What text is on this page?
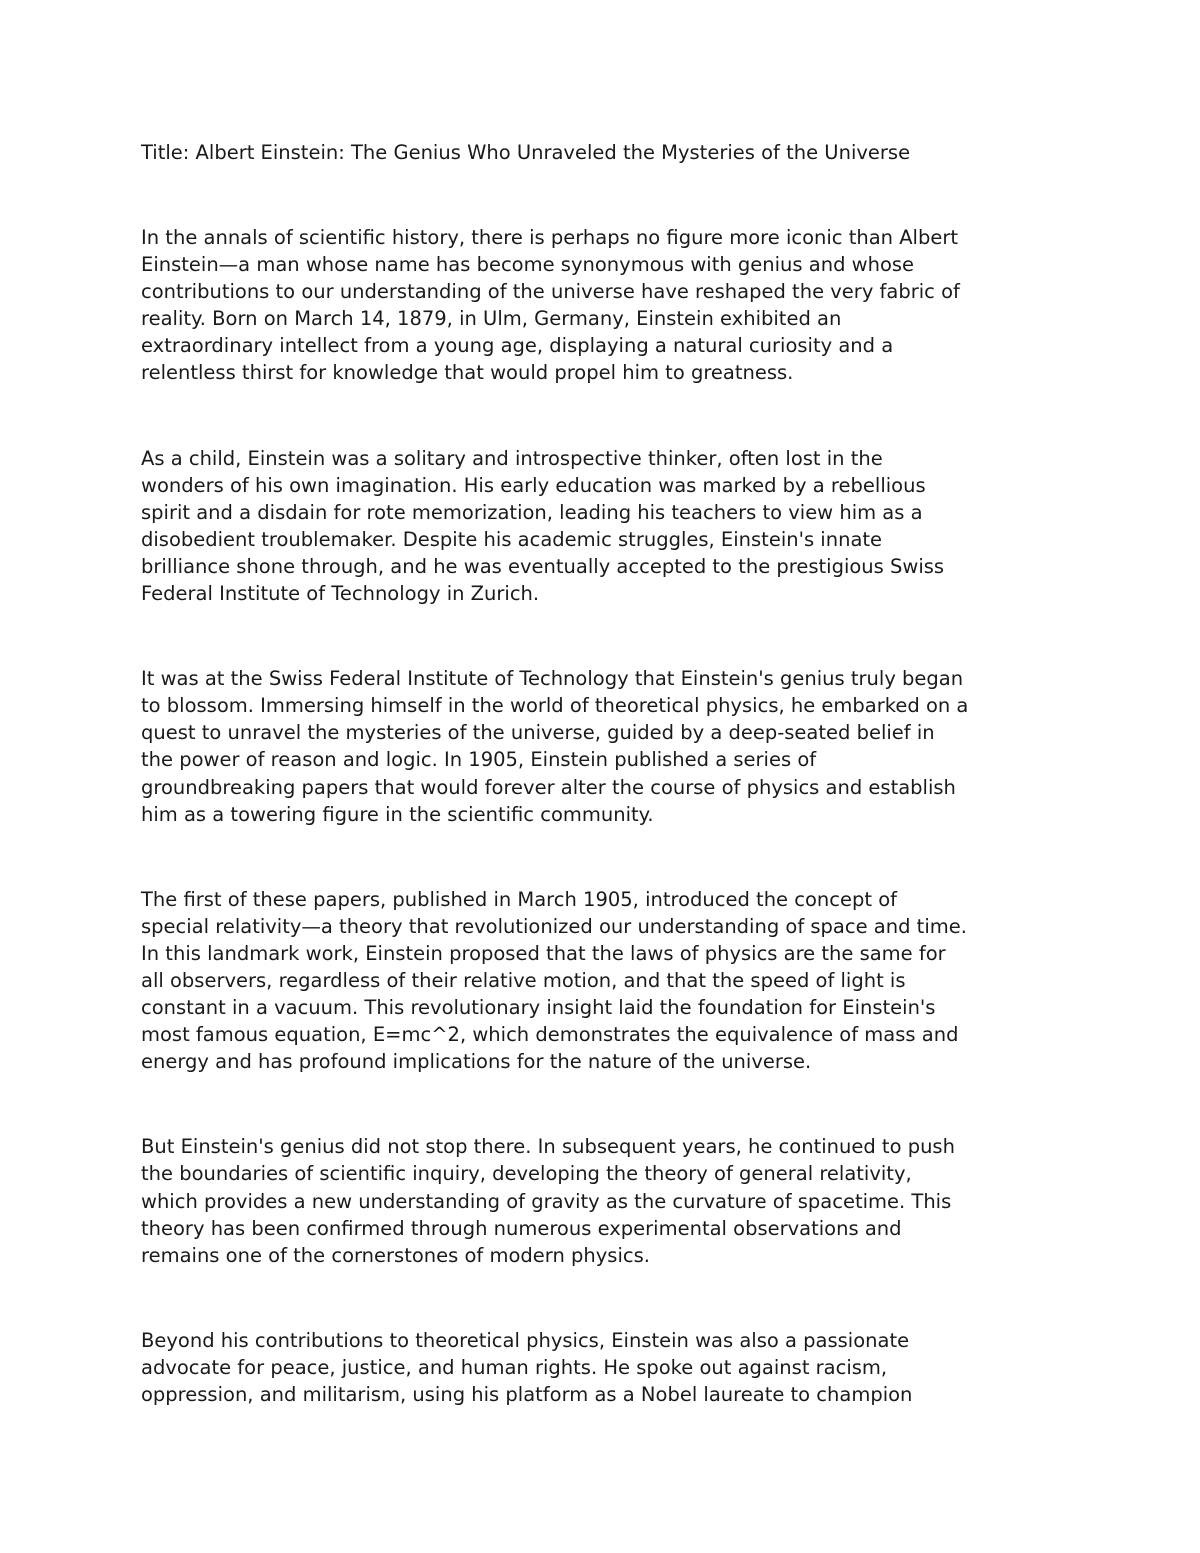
Title: Albert Einstein: The Genius Who Unraveled the Mysteries of the Universe

In the annals of scientific history, there is perhaps no figure more iconic than Albert
Einstein—a man whose name has become synonymous with genius and whose
contributions to our understanding of the universe have reshaped the very fabric of
reality. Born on March 14, 1879, in Ulm, Germany, Einstein exhibited an
extraordinary intellect from a young age, displaying a natural curiosity and a
relentless thirst for knowledge that would propel him to greatness.

As a child, Einstein was a solitary and introspective thinker, often lost in the
wonders of his own imagination. His early education was marked by a rebellious
spirit and a disdain for rote memorization, leading his teachers to view him as a
disobedient troublemaker. Despite his academic struggles, Einstein's innate
brilliance shone through, and he was eventually accepted to the prestigious Swiss
Federal Institute of Technology in Zurich.

It was at the Swiss Federal Institute of Technology that Einstein's genius truly began
to blossom. Immersing himself in the world of theoretical physics, he embarked on a
quest to unravel the mysteries of the universe, guided by a deep-seated belief in
the power of reason and logic. In 1905, Einstein published a series of
groundbreaking papers that would forever alter the course of physics and establish
him as a towering figure in the scientific community.

The first of these papers, published in March 1905, introduced the concept of
special relativity—a theory that revolutionized our understanding of space and time.
In this landmark work, Einstein proposed that the laws of physics are the same for
all observers, regardless of their relative motion, and that the speed of light is
constant in a vacuum. This revolutionary insight laid the foundation for Einstein's
most famous equation, E=mc^2, which demonstrates the equivalence of mass and
energy and has profound implications for the nature of the universe.

But Einstein's genius did not stop there. In subsequent years, he continued to push
the boundaries of scientific inquiry, developing the theory of general relativity,
which provides a new understanding of gravity as the curvature of spacetime. This
theory has been confirmed through numerous experimental observations and
remains one of the cornerstones of modern physics.

Beyond his contributions to theoretical physics, Einstein was also a passionate
advocate for peace, justice, and human rights. He spoke out against racism,
oppression, and militarism, using his platform as a Nobel laureate to champion
